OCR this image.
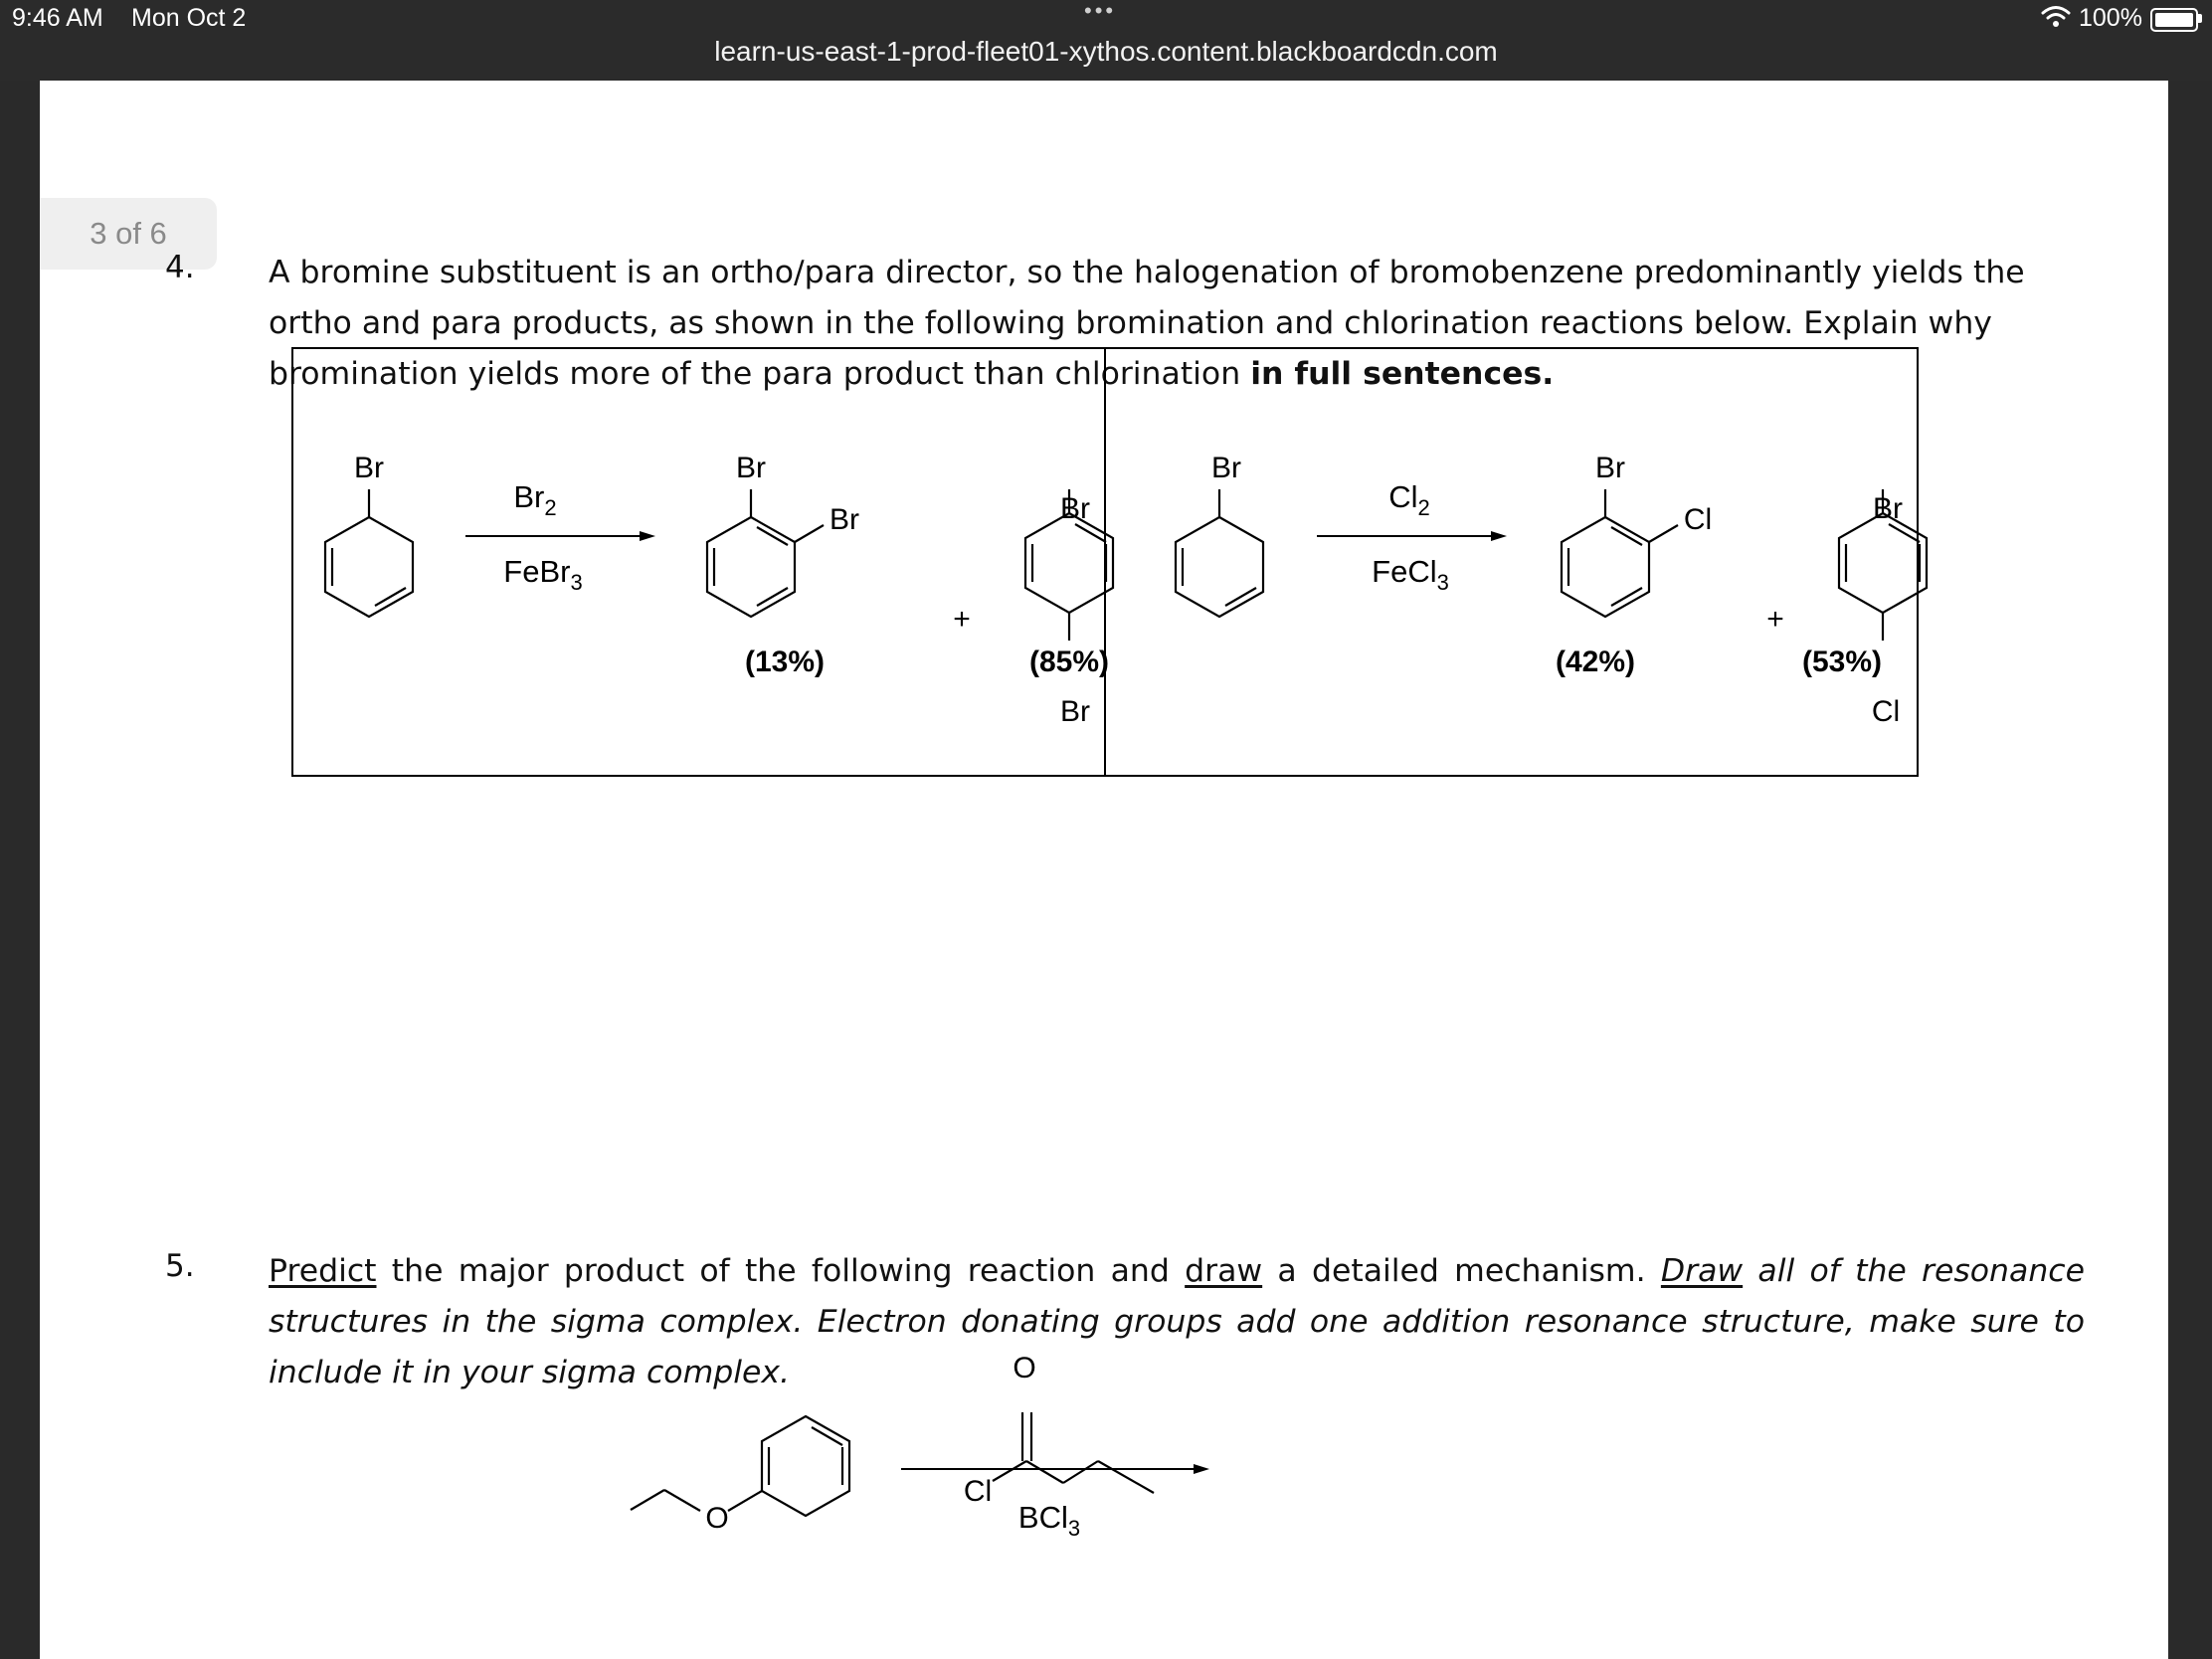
9:46 AM Mon Oct 2	•••
learn-us-east-1-prod-fleet01-xythos.content.blackboardcdn.com
100%
3 of 6
4. A bromine substituent is an ortho/para director, so the halogenation of bromobenzene predominantly yields the ortho and para products, as shown in the following bromination and chlorination reactions below. Explain why bromination yields more of the para product than chlorination in full sentences.
5. Predict the major product of the following reaction and draw a detailed mechanism. Draw all of the resonance structures in the sigma complex. Electron donating groups add one addition resonance structure, make sure to include it in your sigma complex.
Br
$Br_2$
FeBr$_3$
Br
Br
+
Br
Br
Br
$Cl_2$
FeCl$_3$
Br
Cl
+
Br
Cl
(13%)	(85%)	(42%)	(53%)
O
O
Cl
BCl$_3$
